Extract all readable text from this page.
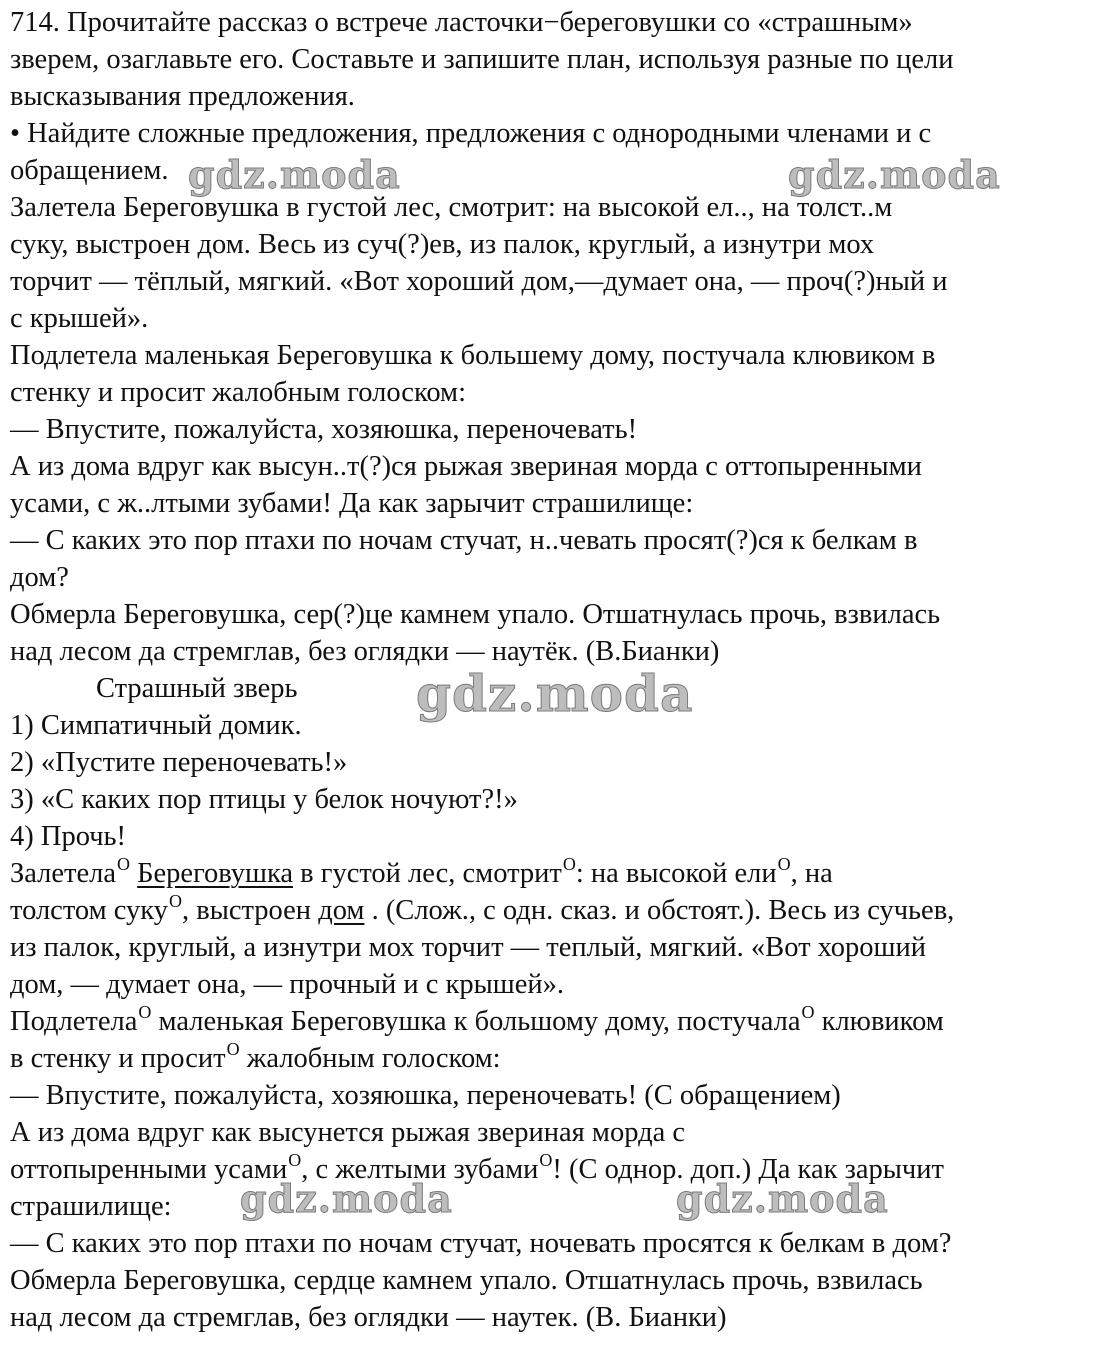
714. Прочитайте рассказ о встрече ласточки−береговушки со «страшным»
зверем, озаглавьте его. Составьте и запишите план, используя разные по цели
высказывания предложения.
• Найдите сложные предложения, предложения с однородными членами и с
обращением.
Залетела Береговушка в густой лес, смотрит: на высокой ел.., на толст..м
суку, выстроен дом. Весь из суч(?)ев, из палок, круглый, а изнутри мох
торчит — тёплый, мягкий. «Вот хороший дом,—думает она, — проч(?)ный и
с крышей».
Подлетела маленькая Береговушка к большему дому, постучала клювиком в
стенку и просит жалобным голоском:
— Впустите, пожалуйста, хозяюшка, переночевать!
А из дома вдруг как высун..т(?)ся рыжая звериная морда с оттопыренными
усами, с ж..лтыми зубами! Да как зарычит страшилище:
— С каких это пор птахи по ночам стучат, н..чевать просят(?)ся к белкам в
дом?
Обмерла Береговушка, сер(?)це камнем упало. Отшатнулась прочь, взвилась
над лесом да стремглав, без оглядки — наутёк. (В.Бианки)
Страшный зверь
1) Симпатичный домик.
2) «Пустите переночевать!»
3) «С каких пор птицы у белок ночуют?!»
4) Прочь!
Залетела$^О$ Береговушка в густой лес, смотрит$^О$: на высокой ели$^О$, на
толстом суку$^О$, выстроен дом . (Слож., с одн. сказ. и обстоят.). Весь из сучьев,
из палок, круглый, а изнутри мох торчит — теплый, мягкий. «Вот хороший
дом, — думает она, — прочный и с крышей».
Подлетела$^О$ маленькая Береговушка к большому дому, постучала$^О$ клювиком
в стенку и просит$^О$ жалобным голоском:
— Впустите, пожалуйста, хозяюшка, переночевать! (С обращением)
А из дома вдруг как высунется рыжая звериная морда с
оттопыренными усами$^О$, с желтыми зубами$^О$! (С однор. доп.) Да как зарычит
страшилище:
— С каких это пор птахи по ночам стучат, ночевать просятся к белкам в дом?
Обмерла Береговушка, сердце камнем упало. Отшатнулась прочь, взвилась
над лесом да стремглав, без оглядки — наутек. (В. Бианки)
gdz.moda	gdz.moda
gdz.moda
gdz.moda	gdz.moda
